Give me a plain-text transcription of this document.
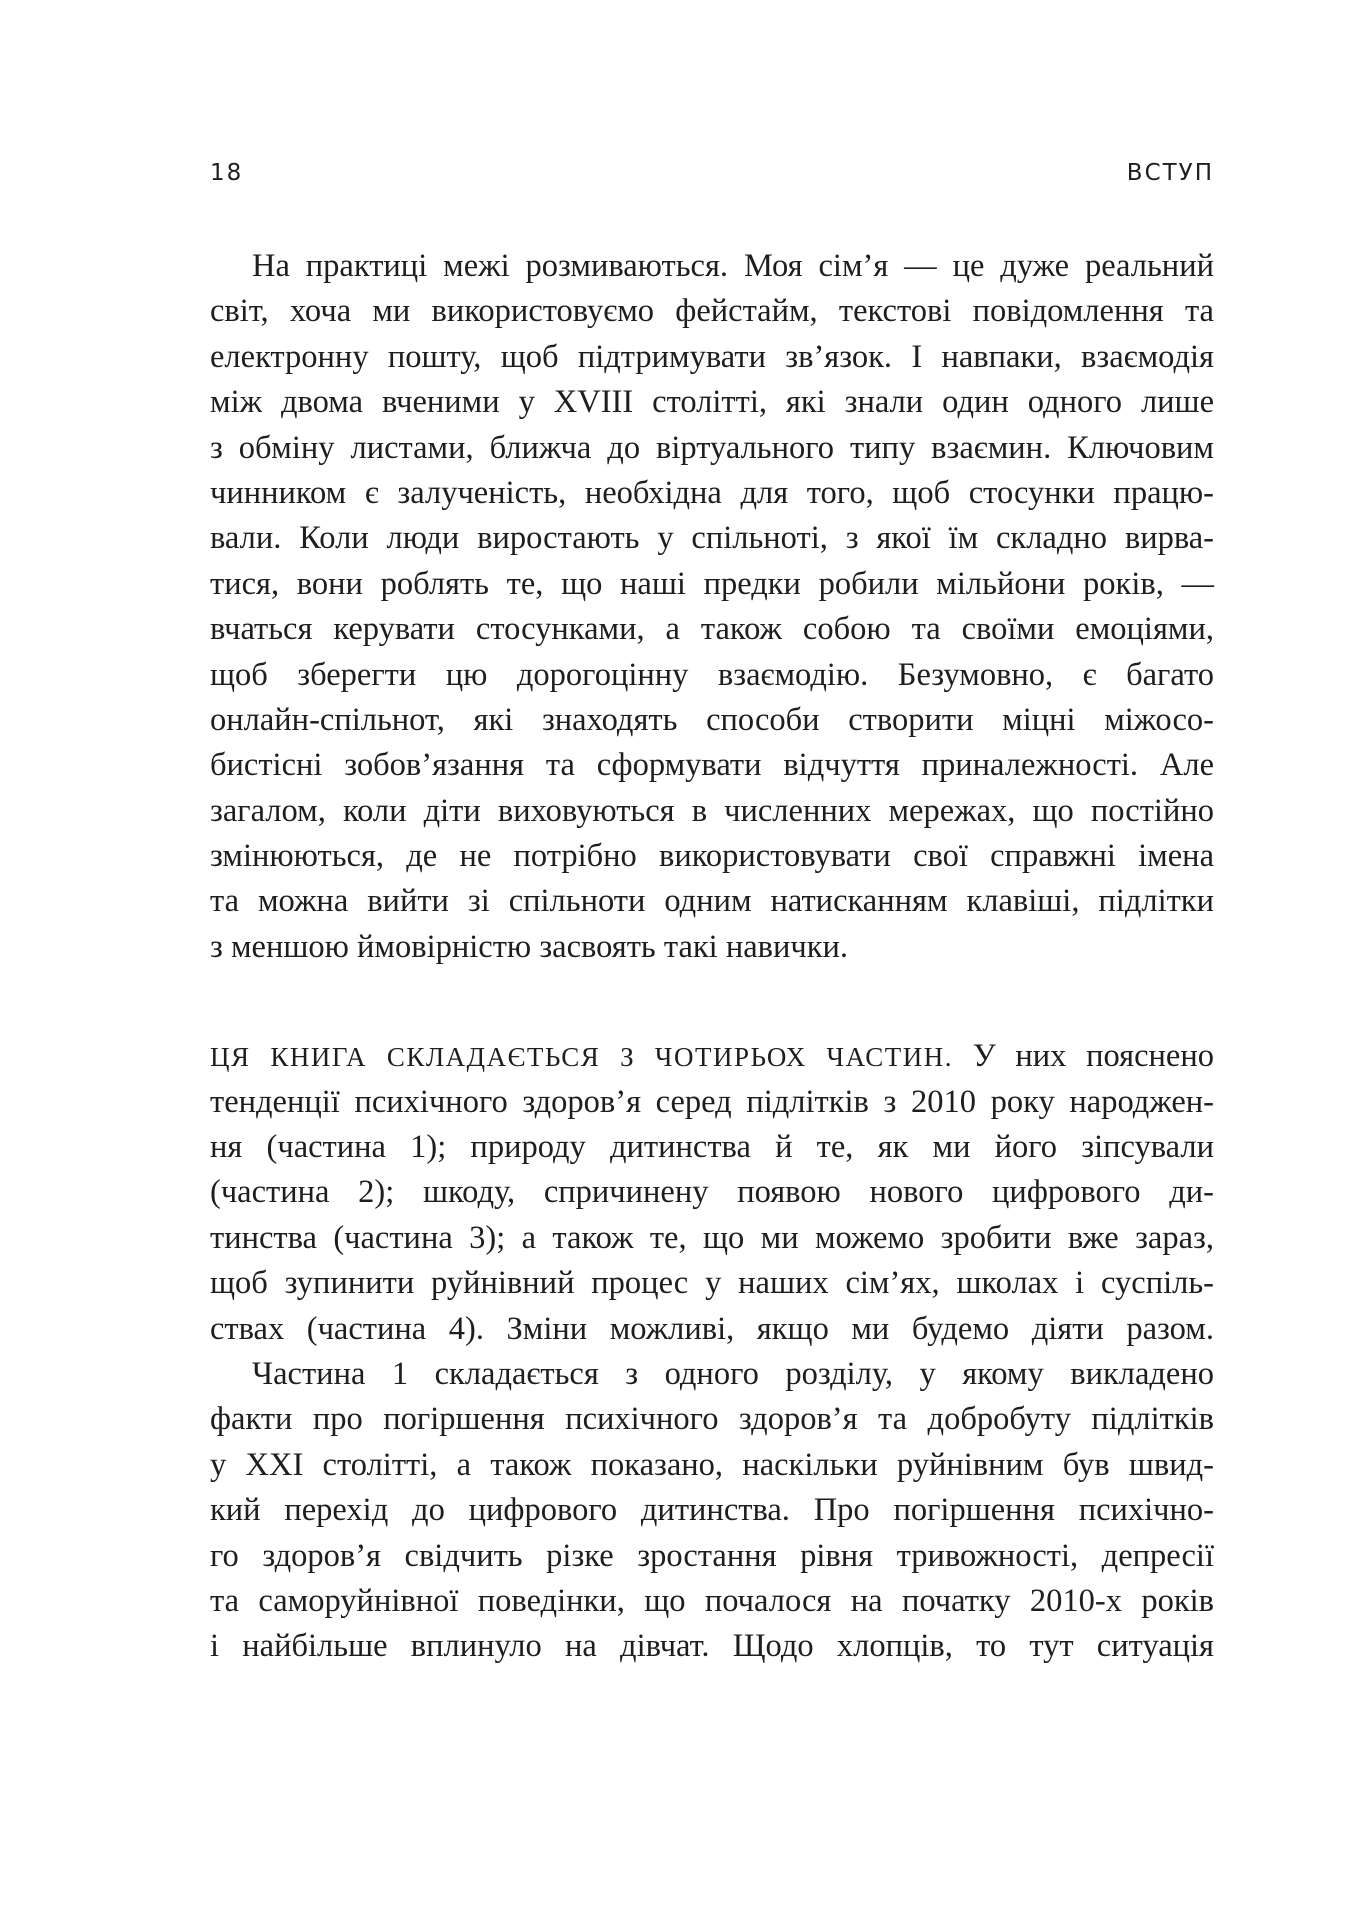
18	ВСТУП
На практиці межі розмиваються. Моя сім’я — це дуже реальний
світ, хоча ми використовуємо фейстайм, текстові повідомлення та
електронну пошту, щоб підтримувати зв’язок. І навпаки, взаємодія
між двома вченими у XVIII столітті, які знали один одного лише
з обміну листами, ближча до віртуального типу взаємин. Ключовим
чинником є залученість, необхідна для того, щоб стосунки працю-
вали. Коли люди виростають у спільноті, з якої їм складно вирва-
тися, вони роблять те, що наші предки робили мільйони років, —
вчаться керувати стосунками, а також собою та своїми емоціями,
щоб зберегти цю дорогоцінну взаємодію. Безумовно, є багато
онлайн-спільнот, які знаходять способи створити міцні міжосо-
бистісні зобов’язання та сформувати відчуття приналежності. Але
загалом, коли діти виховуються в численних мережах, що постійно
змінюються, де не потрібно використовувати свої справжні імена
та можна вийти зі спільноти одним натисканням клавіші, підлітки
з меншою ймовірністю засвоять такі навички.
ЦЯ КНИГА СКЛАДАЄТЬСЯ З ЧОТИРЬОХ ЧАСТИН. У них пояснено
тенденції психічного здоров’я серед підлітків з 2010 року народжен-
ня (частина 1); природу дитинства й те, як ми його зіпсували
(частина 2); шкоду, спричинену появою нового цифрового ди-
тинства (частина 3); а також те, що ми можемо зробити вже зараз,
щоб зупинити руйнівний процес у наших сім’ях, школах і суспіль-
ствах (частина 4). Зміни можливі, якщо ми будемо діяти разом.
Частина 1 складається з одного розділу, у якому викладено
факти про погіршення психічного здоров’я та добробуту підлітків
у XXI столітті, а також показано, наскільки руйнівним був швид-
кий перехід до цифрового дитинства. Про погіршення психічно-
го здоров’я свідчить різке зростання рівня тривожності, депресії
та саморуйнівної поведінки, що почалося на початку 2010-х років
і найбільше вплинуло на дівчат. Щодо хлопців, то тут ситуація
